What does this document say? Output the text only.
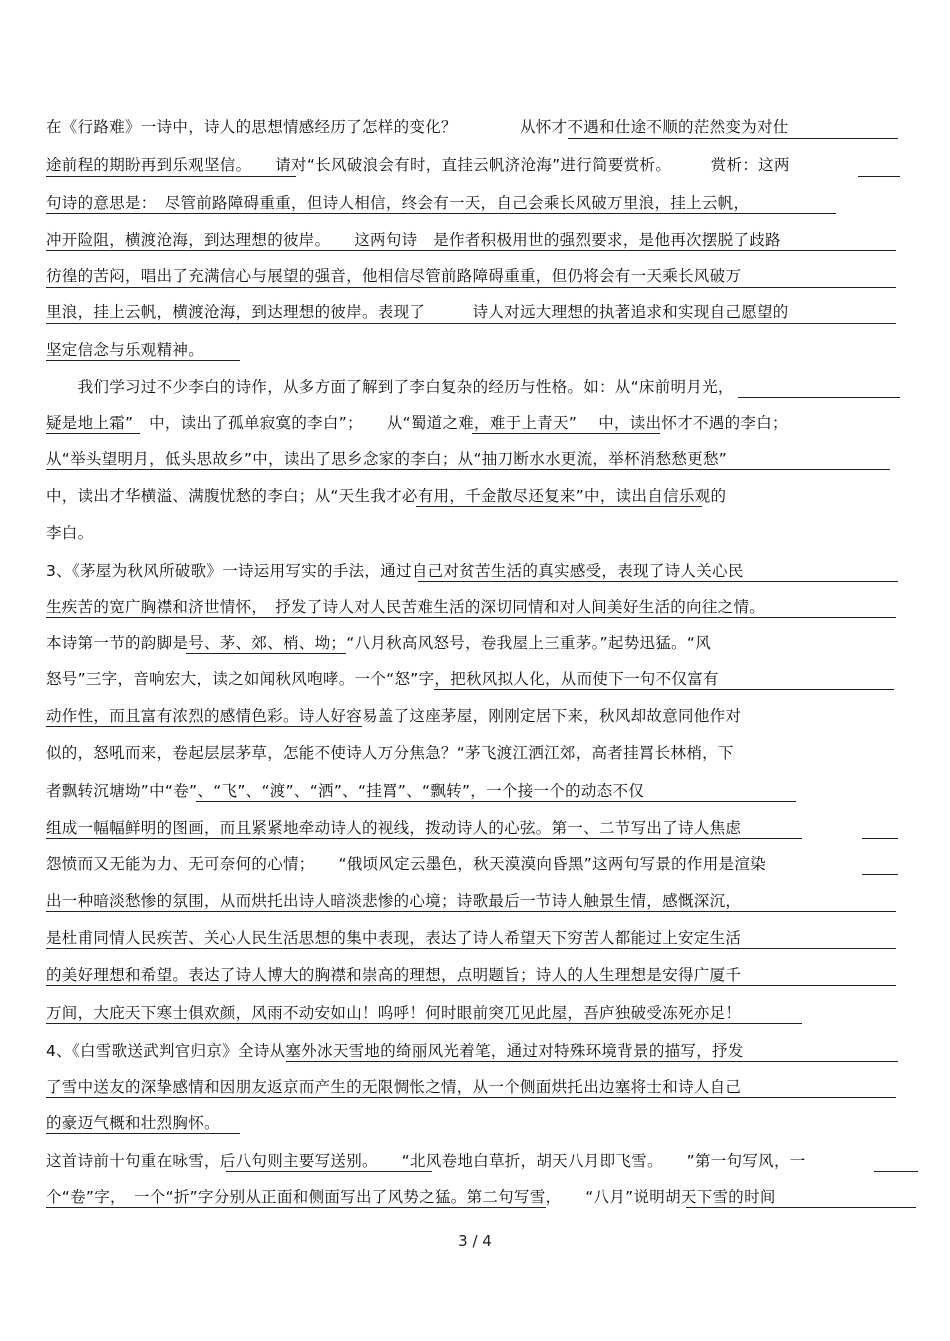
在《行路难》一诗中，诗人的思想情感经历了怎样的变化？　　　　从怀才不遇和仕途不顺的茫然变为对仕
途前程的期盼再到乐观坚信。　　请对“长风破浪会有时，直挂云帆济沧海”进行简要赏析。　　　赏析：这两
句诗的意思是：　尽管前路障碍重重，但诗人相信，终会有一天，自己会乘长风破万里浪，挂上云帆，
冲开险阻，横渡沧海，到达理想的彼岸。　　这两句诗　是作者积极用世的强烈要求，是他再次摆脱了歧路
彷徨的苦闷，唱出了充满信心与展望的强音，他相信尽管前路障碍重重，但仍将会有一天乘长风破万
里浪，挂上云帆，横渡沧海，到达理想的彼岸。表现了　　　诗人对远大理想的执著追求和实现自己愿望的
坚定信念与乐观精神。
　　我们学习过不少李白的诗作，从多方面了解到了李白复杂的经历与性格。如：从“床前明月光，
疑是地上霜”　中，读出了孤单寂寞的李白”；　　从“蜀道之难，难于上青天”　 中，读出怀才不遇的李白；
从“举头望明月，低头思故乡”中，读出了思乡念家的李白；从“抽刀断水水更流，举杯消愁愁更愁”
中，读出才华横溢、满腹忧愁的李白；从“天生我才必有用，千金散尽还复来”中，读出自信乐观的
李白。
3、《茅屋为秋风所破歌》一诗运用写实的手法，通过自己对贫苦生活的真实感受，表现了诗人关心民
生疾苦的宽广胸襟和济世情怀，　抒发了诗人对人民苦难生活的深切同情和对人间美好生活的向往之情。
本诗第一节的韵脚是号、茅、郊、梢、坳；“八月秋高风怒号，卷我屋上三重茅。”起势迅猛。“风
怒号”三字，音响宏大，读之如闻秋风咆哮。一个“怒”字，把秋风拟人化，从而使下一句不仅富有
动作性，而且富有浓烈的感情色彩。诗人好容易盖了这座茅屋，刚刚定居下来，秋风却故意同他作对
似的，怒吼而来，卷起层层茅草，怎能不使诗人万分焦急？“茅飞渡江洒江郊，高者挂罥长林梢，下
者飘转沉塘坳”中“卷”、“飞”、“渡”、“洒”、“挂罥”、“飘转”，一个接一个的动态不仅
组成一幅幅鲜明的图画，而且紧紧地牵动诗人的视线，拨动诗人的心弦。第一、二节写出了诗人焦虑
怨愤而又无能为力、无可奈何的心情；　　“俄顷风定云墨色，秋天漠漠向昏黑”这两句写景的作用是渲染
出一种暗淡愁惨的氛围，从而烘托出诗人暗淡悲惨的心境；诗歌最后一节诗人触景生情，感慨深沉，
是杜甫同情人民疾苦、关心人民生活思想的集中表现，表达了诗人希望天下穷苦人都能过上安定生活
的美好理想和希望。表达了诗人博大的胸襟和崇高的理想，点明题旨；诗人的人生理想是安得广厦千
万间，大庇天下寒士俱欢颜，风雨不动安如山！呜呼！何时眼前突兀见此屋，吾庐独破受冻死亦足！
4、《白雪歌送武判官归京》全诗从塞外冰天雪地的绮丽风光着笔，通过对特殊环境背景的描写，抒发
了雪中送友的深挚感情和因朋友返京而产生的无限惆怅之情，从一个侧面烘托出边塞将士和诗人自己
的豪迈气概和壮烈胸怀。
这首诗前十句重在咏雪，后八句则主要写送别。　　“北风卷地白草折，胡天八月即飞雪。　　”第一句写风，一
个“卷”字，　一个“折”字分别从正面和侧面写出了风势之猛。第二句写雪，　　“八月”说明胡天下雪的时间
3 / 4
